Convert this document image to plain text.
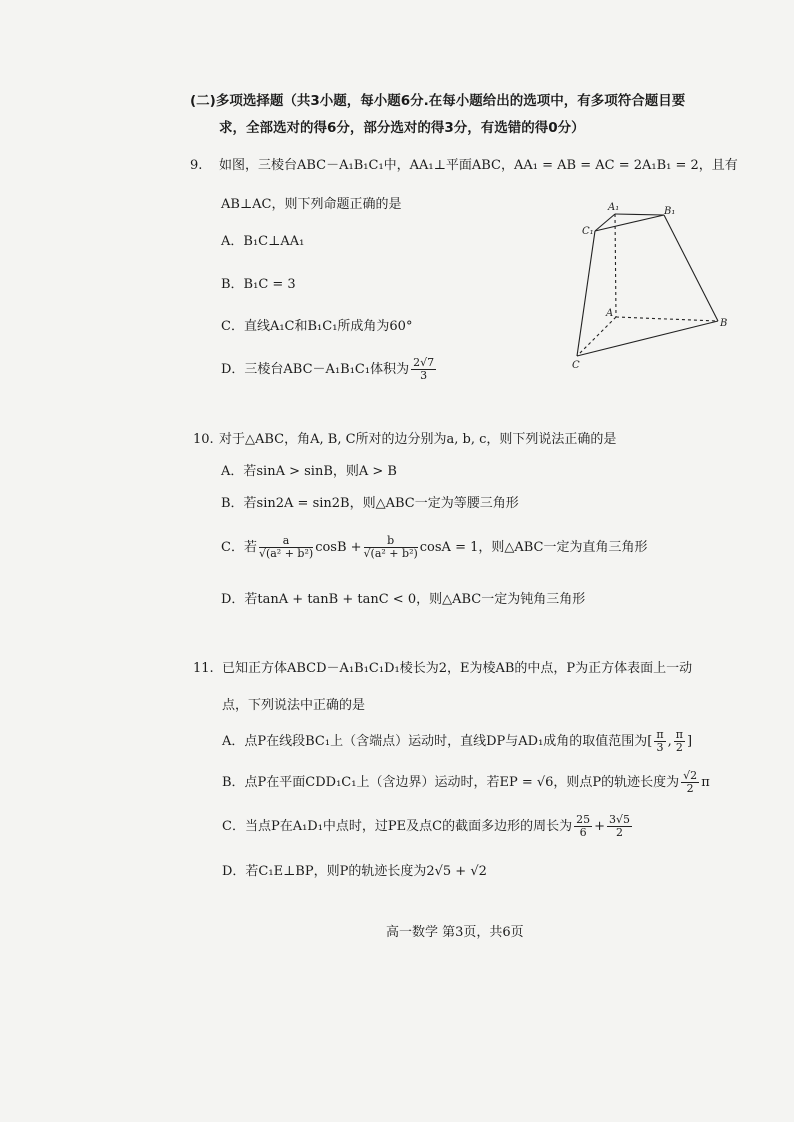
(二)多项选择题（共3小题，每小题6分.在每小题给出的选项中，有多项符合题目要
求，全部选对的得6分，部分选对的得3分，有选错的得0分）
9. 如图，三棱台ABC－A₁B₁C₁中，AA₁⊥平面ABC，AA₁ = AB = AC = 2A₁B₁ = 2，且有
AB⊥AC，则下列命题正确的是
A．B₁C⊥AA₁
B．B₁C = 3
C．直线A₁C和B₁C₁所成角为60°
D．三棱台ABC－A₁B₁C₁体积为 $\frac{2√7}{3}$
A₁	B₁
C₁
A
B
C
10. 对于△ABC，角A, B, C所对的边分别为a, b, c，则下列说法正确的是
A．若sinA > sinB，则A > B
B．若sin2A = sin2B，则△ABC一定为等腰三角形
C．若 $\frac{a}{\text{√(a² + b²)}}$ $\cos B + \frac{b}{\text{√(a² + b²)}}$ cosA = 1，则△ABC一定为直角三角形
D．若tanA + tanB + tanC < 0，则△ABC一定为钝角三角形
11. 已知正方体ABCD－A₁B₁C₁D₁棱长为2，E为棱AB的中点，P为正方体表面上一动
点，下列说法中正确的是
A．点P在线段BC₁上（含端点）运动时，直线DP与AD₁成角的取值范围为[ $\frac{\pi}{3}$ , $\frac{\pi}{2}$ ]
B．点P在平面CDD₁C₁上（含边界）运动时，若EP = √6，则点P的轨迹长度为 $\frac{√2}{2}$ π
C．当点P在A₁D₁中点时，过PE及点C的截面多边形的周长为 $\frac{25}{6} + \frac{3√5}{2}$
D．若C₁E⊥BP，则P的轨迹长度为2√5 + √2
高一数学 第3页，共6页
